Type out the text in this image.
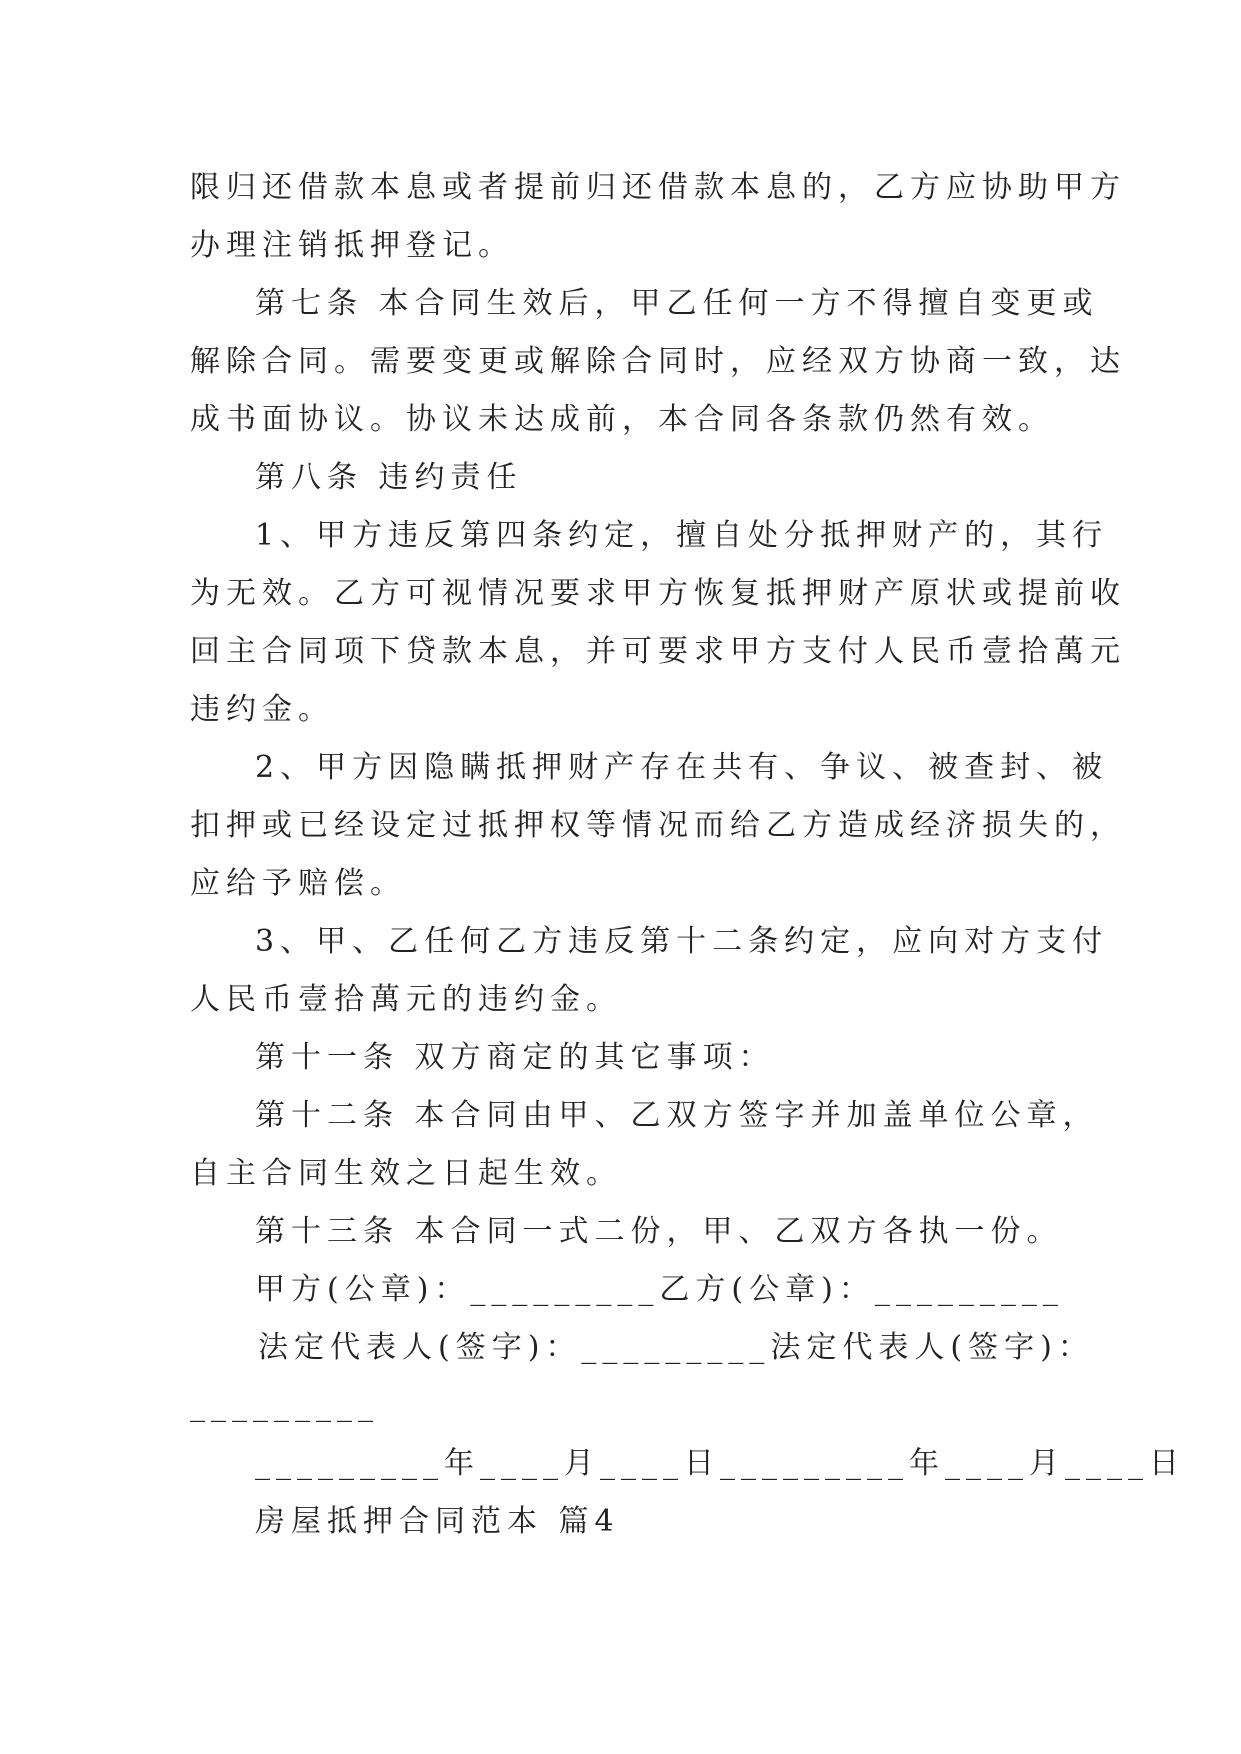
限归还借款本息或者提前归还借款本息的，乙方应协助甲方
办理注销抵押登记。
第七条 本合同生效后，甲乙任何一方不得擅自变更或
解除合同。需要变更或解除合同时，应经双方协商一致，达
成书面协议。协议未达成前，本合同各条款仍然有效。
第八条 违约责任
1、甲方违反第四条约定，擅自处分抵押财产的，其行
为无效。乙方可视情况要求甲方恢复抵押财产原状或提前收
回主合同项下贷款本息，并可要求甲方支付人民币壹拾萬元
违约金。
2、甲方因隐瞒抵押财产存在共有、争议、被查封、被
扣押或已经设定过抵押权等情况而给乙方造成经济损失的，
应给予赔偿。
3、甲、乙任何乙方违反第十二条约定，应向对方支付
人民币壹拾萬元的违约金。
第十一条 双方商定的其它事项：
第十二条 本合同由甲、乙双方签字并加盖单位公章，
自主合同生效之日起生效。
第十三条 本合同一式二份，甲、乙双方各执一份。
甲方(公章)：_________乙方(公章)：_________
法定代表人(签字)：_________法定代表人(签字)：
_________
_________年____月____日_________年____月____日
房屋抵押合同范本 篇4
